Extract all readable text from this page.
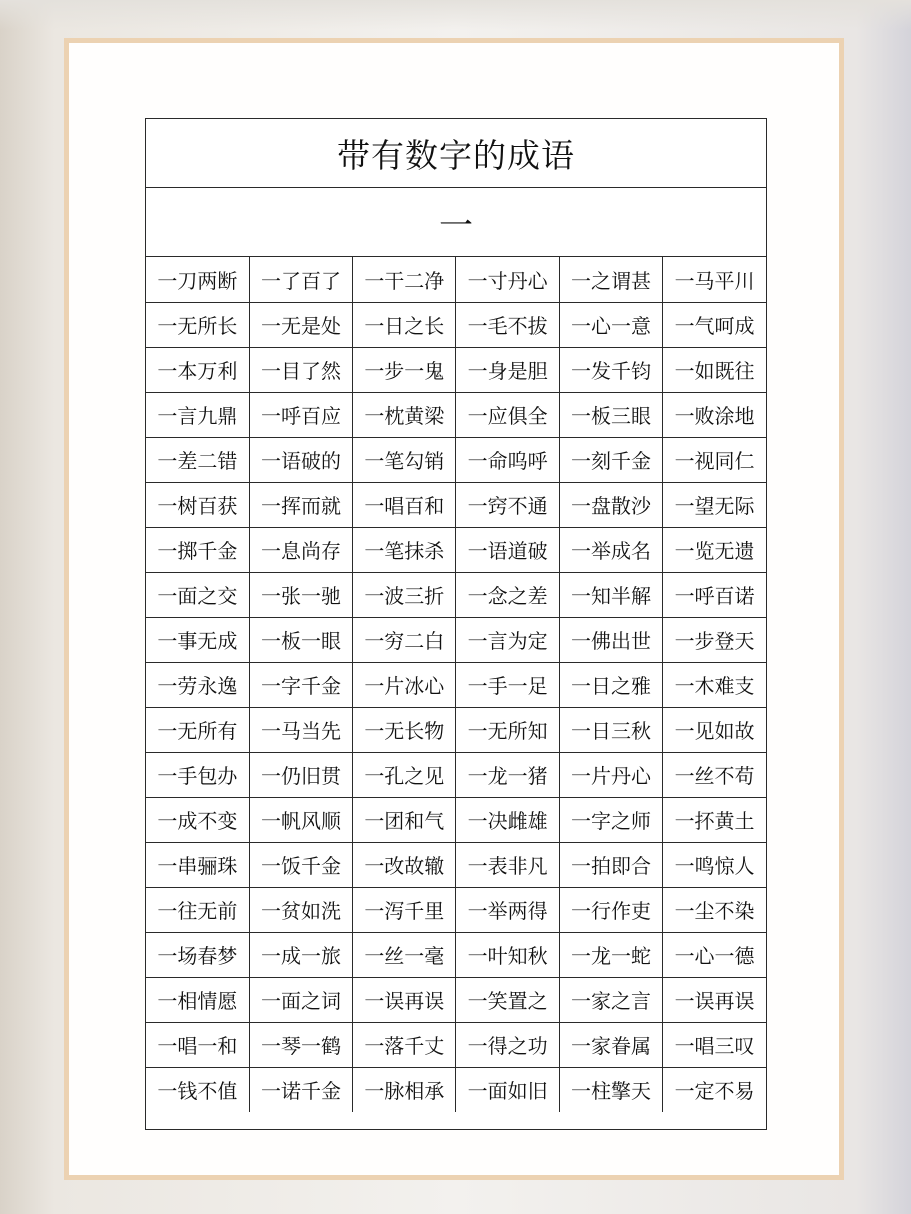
带有数字的成语
一
一刀两断	一了百了	一干二净	一寸丹心	一之谓甚	一马平川
一无所长	一无是处	一日之长	一毛不拔	一心一意	一气呵成
一本万利	一目了然	一步一鬼	一身是胆	一发千钧	一如既往
一言九鼎	一呼百应	一枕黄梁	一应俱全	一板三眼	一败涂地
一差二错	一语破的	一笔勾销	一命呜呼	一刻千金	一视同仁
一树百获	一挥而就	一唱百和	一窍不通	一盘散沙	一望无际
一掷千金	一息尚存	一笔抹杀	一语道破	一举成名	一览无遗
一面之交	一张一驰	一波三折	一念之差	一知半解	一呼百诺
一事无成	一板一眼	一穷二白	一言为定	一佛出世	一步登天
一劳永逸	一字千金	一片冰心	一手一足	一日之雅	一木难支
一无所有	一马当先	一无长物	一无所知	一日三秋	一见如故
一手包办	一仍旧贯	一孔之见	一龙一猪	一片丹心	一丝不苟
一成不变	一帆风顺	一团和气	一决雌雄	一字之师	一抔黄土
一串骊珠	一饭千金	一改故辙	一表非凡	一拍即合	一鸣惊人
一往无前	一贫如洗	一泻千里	一举两得	一行作吏	一尘不染
一场春梦	一成一旅	一丝一毫	一叶知秋	一龙一蛇	一心一德
一相情愿	一面之词	一误再误	一笑置之	一家之言	一误再误
一唱一和	一琴一鹤	一落千丈	一得之功	一家眷属	一唱三叹
一钱不值	一诺千金	一脉相承	一面如旧	一柱擎天	一定不易
